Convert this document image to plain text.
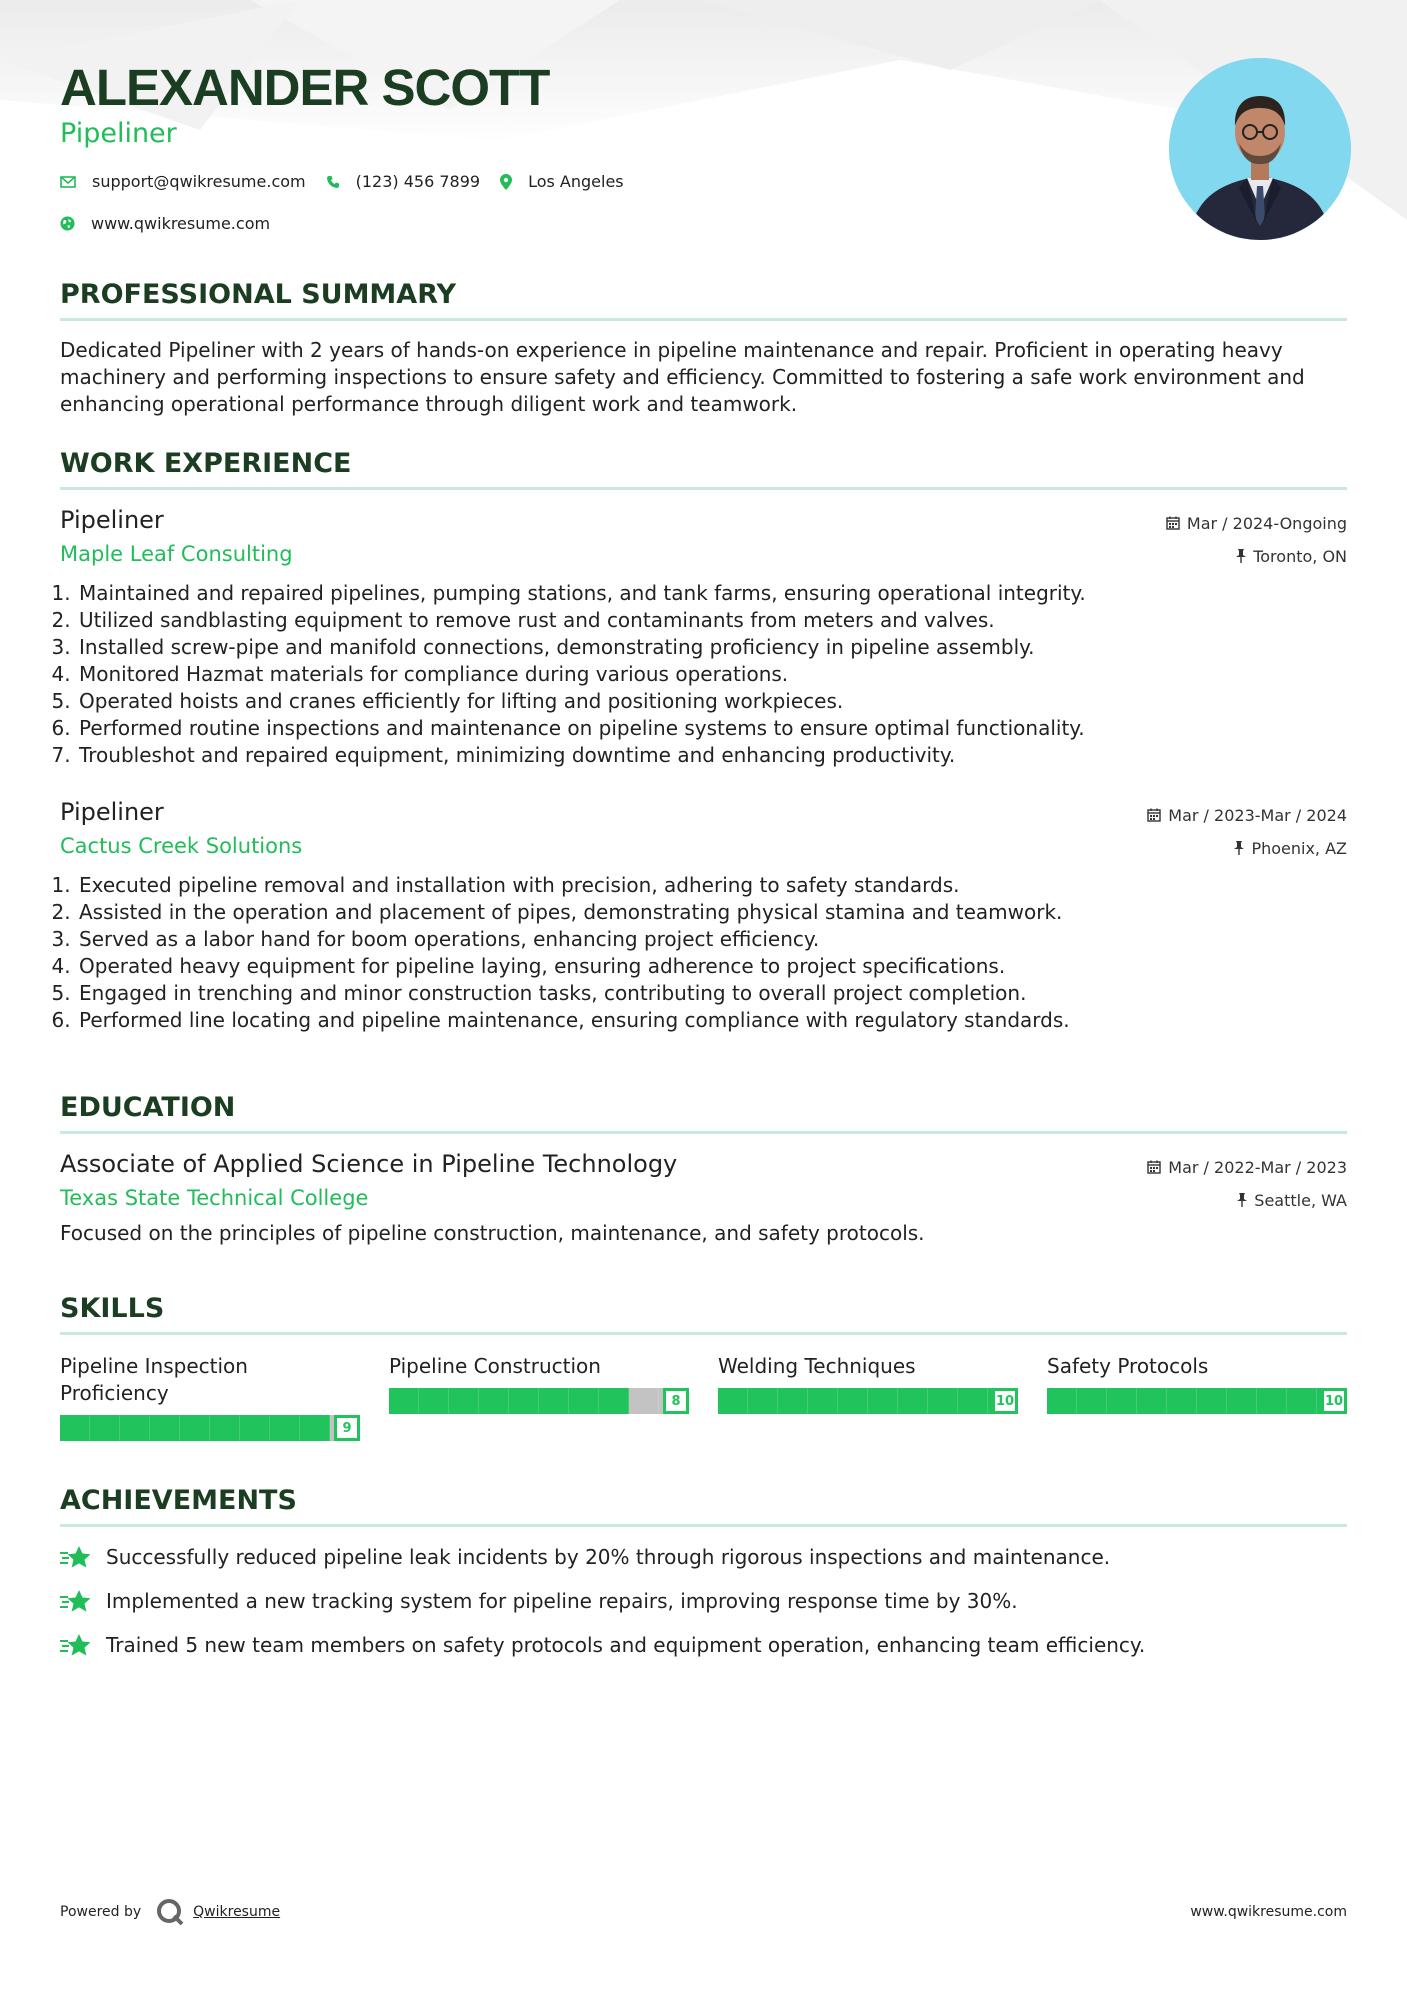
ALEXANDER SCOTT
Pipeliner
support@qwikresume.com	(123) 456 7899	Los Angeles
www.qwikresume.com
PROFESSIONAL SUMMARY
Dedicated Pipeliner with 2 years of hands-on experience in pipeline maintenance and repair. Proficient in operating heavy machinery and performing inspections to ensure safety and efficiency. Committed to fostering a safe work environment and enhancing operational performance through diligent work and teamwork.
WORK EXPERIENCE
Pipeliner
Maple Leaf Consulting
Mar / 2024-Ongoing
Toronto, ON
1. Maintained and repaired pipelines, pumping stations, and tank farms, ensuring operational integrity.
2. Utilized sandblasting equipment to remove rust and contaminants from meters and valves.
3. Installed screw-pipe and manifold connections, demonstrating proficiency in pipeline assembly.
4. Monitored Hazmat materials for compliance during various operations.
5. Operated hoists and cranes efficiently for lifting and positioning workpieces.
6. Performed routine inspections and maintenance on pipeline systems to ensure optimal functionality.
7. Troubleshot and repaired equipment, minimizing downtime and enhancing productivity.
Pipeliner
Cactus Creek Solutions
Mar / 2023-Mar / 2024
Phoenix, AZ
1. Executed pipeline removal and installation with precision, adhering to safety standards.
2. Assisted in the operation and placement of pipes, demonstrating physical stamina and teamwork.
3. Served as a labor hand for boom operations, enhancing project efficiency.
4. Operated heavy equipment for pipeline laying, ensuring adherence to project specifications.
5. Engaged in trenching and minor construction tasks, contributing to overall project completion.
6. Performed line locating and pipeline maintenance, ensuring compliance with regulatory standards.
EDUCATION
Associate of Applied Science in Pipeline Technology
Texas State Technical College
Mar / 2022-Mar / 2023
Seattle, WA
Focused on the principles of pipeline construction, maintenance, and safety protocols.
SKILLS
Pipeline Inspection Proficiency
9
Pipeline Construction
8
Welding Techniques
10
Safety Protocols
10
ACHIEVEMENTS
Successfully reduced pipeline leak incidents by 20% through rigorous inspections and maintenance.
Implemented a new tracking system for pipeline repairs, improving response time by 30%.
Trained 5 new team members on safety protocols and equipment operation, enhancing team efficiency.
Powered by	Qwikresume	www.qwikresume.com
